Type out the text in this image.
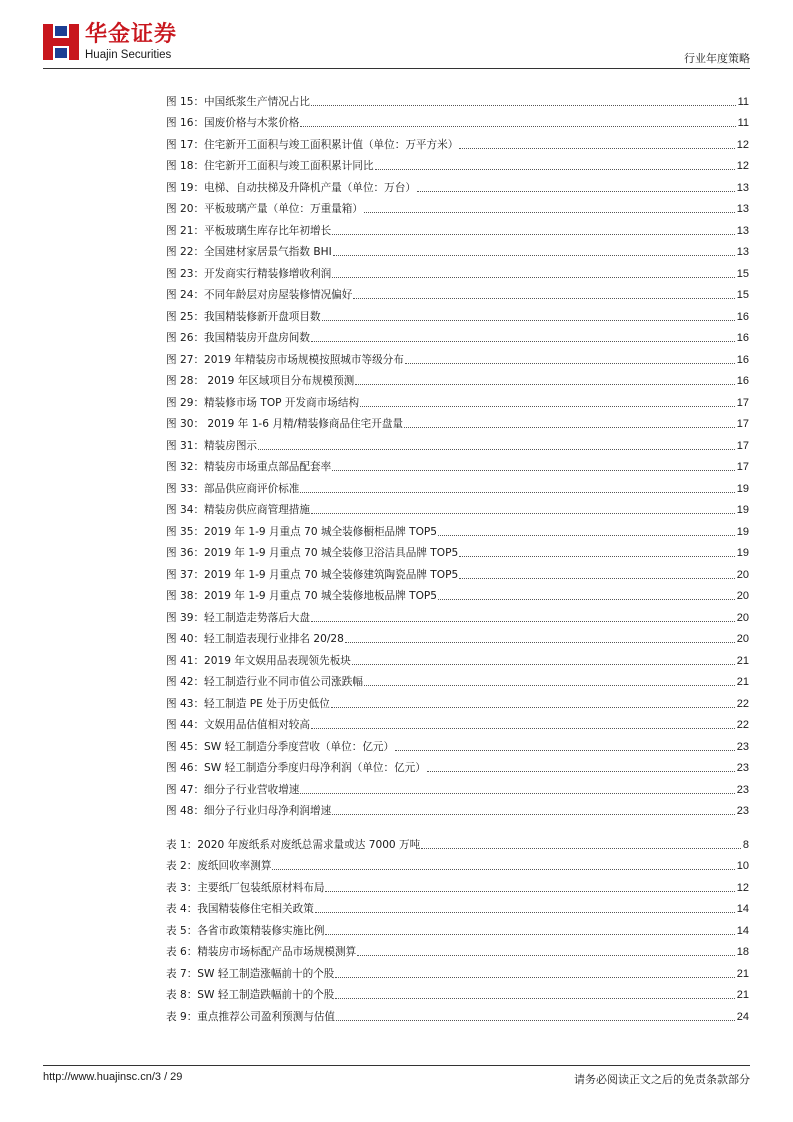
华金证券
Huajin Securities	行业年度策略
图 15：中国纸浆生产情况占比	11
图 16：国废价格与木浆价格	11
图 17：住宅新开工面积与竣工面积累计值（单位：万平方米）	12
图 18：住宅新开工面积与竣工面积累计同比	12
图 19：电梯、自动扶梯及升降机产量（单位：万台）	13
图 20：平板玻璃产量（单位：万重量箱）	13
图 21：平板玻璃生库存比年初增长	13
图 22：全国建材家居景气指数 BHI	13
图 23：开发商实行精装修增收利润	15
图 24：不同年龄层对房屋装修情况偏好	15
图 25：我国精装修新开盘项目数	16
图 26：我国精装房开盘房间数	16
图 27：2019 年精装房市场规模按照城市等级分布	16
图 28： 2019 年区域项目分布规模预测	16
图 29：精装修市场 TOP 开发商市场结构	17
图 30： 2019 年 1-6 月精/精装修商品住宅开盘量	17
图 31：精装房图示	17
图 32：精装房市场重点部品配套率	17
图 33：部品供应商评价标准	19
图 34：精装房供应商管理措施	19
图 35：2019 年 1-9 月重点 70 城全装修橱柜品牌 TOP5	19
图 36：2019 年 1-9 月重点 70 城全装修卫浴洁具品牌 TOP5	19
图 37：2019 年 1-9 月重点 70 城全装修建筑陶瓷品牌 TOP5	20
图 38：2019 年 1-9 月重点 70 城全装修地板品牌 TOP5	20
图 39：轻工制造走势落后大盘	20
图 40：轻工制造表现行业排名 20/28	20
图 41：2019 年文娱用品表现领先板块	21
图 42：轻工制造行业不同市值公司涨跌幅	21
图 43：轻工制造 PE 处于历史低位	22
图 44：文娱用品估值相对较高	22
图 45：SW 轻工制造分季度营收（单位：亿元）	23
图 46：SW 轻工制造分季度归母净利润（单位：亿元）	23
图 47：细分子行业营收增速	23
图 48：细分子行业归母净利润增速	23
表 1：2020 年废纸系对废纸总需求量或达 7000 万吨	8
表 2：废纸回收率测算	10
表 3：主要纸厂包装纸原材料布局	12
表 4：我国精装修住宅相关政策	14
表 5：各省市政策精装修实施比例	14
表 6：精装房市场标配产品市场规模测算	18
表 7：SW 轻工制造涨幅前十的个股	21
表 8：SW 轻工制造跌幅前十的个股	21
表 9：重点推荐公司盈利预测与估值	24
http://www.huajinsc.cn/3 / 29	请务必阅读正文之后的免责条款部分
